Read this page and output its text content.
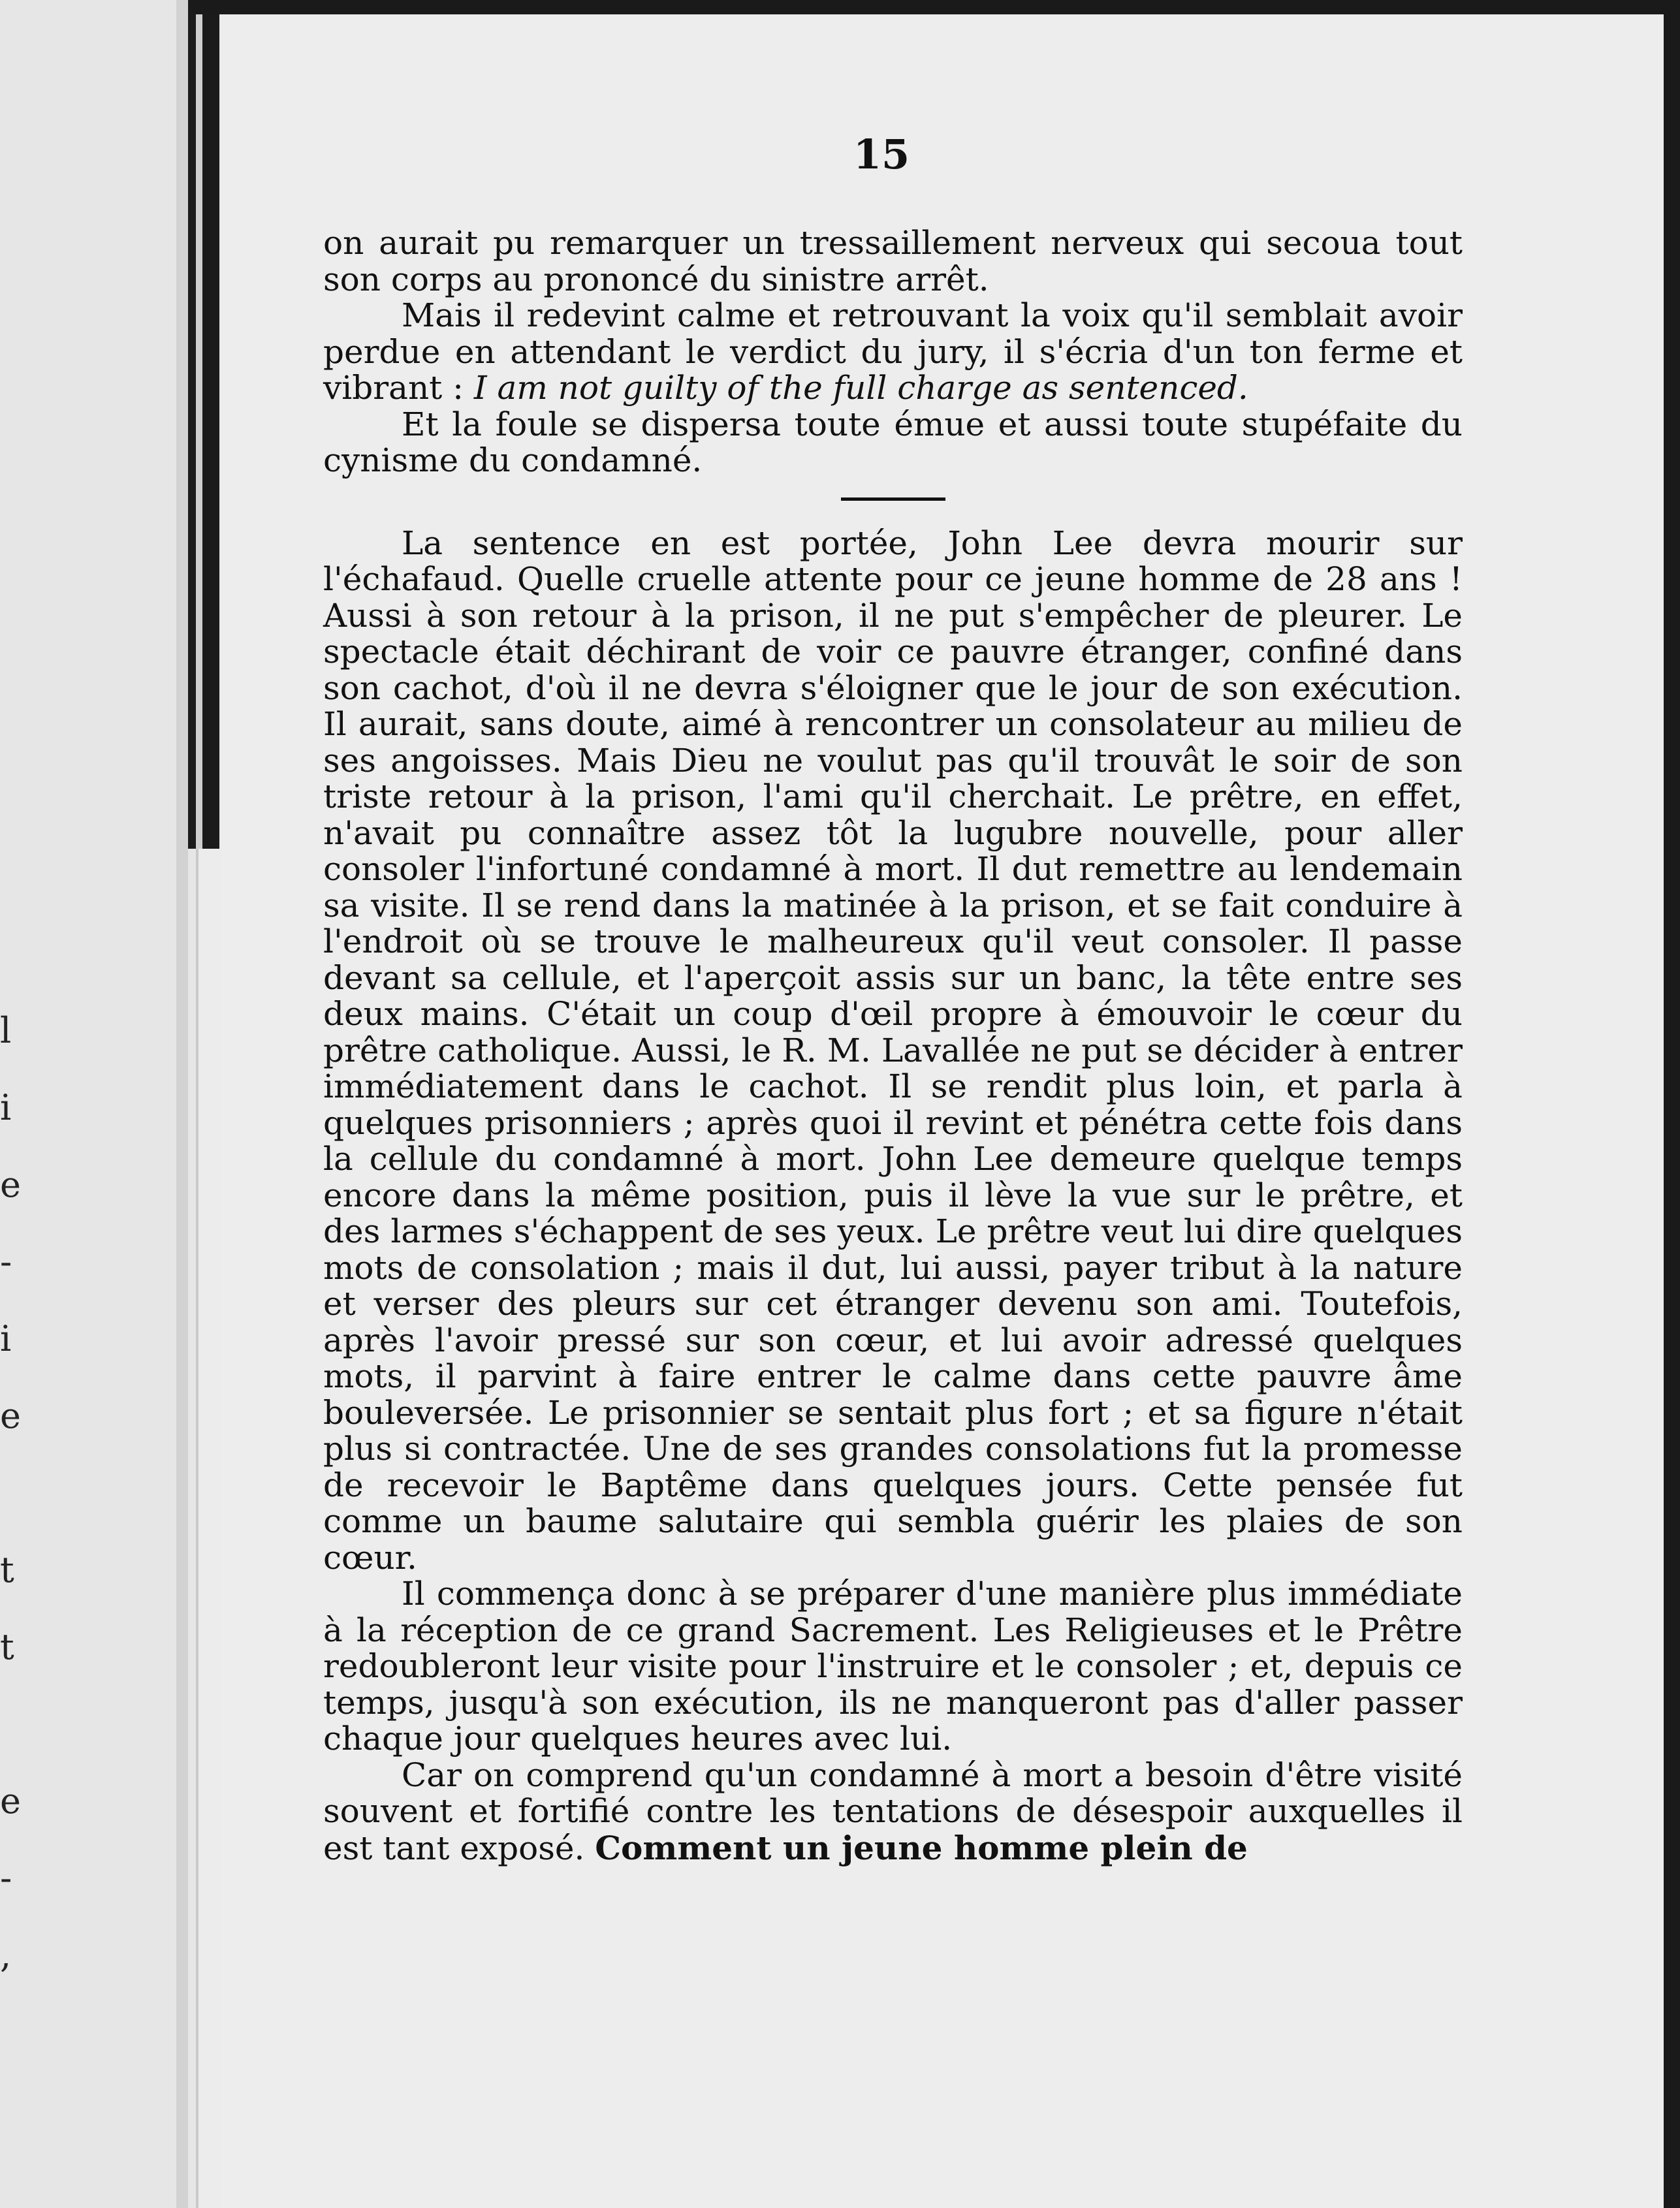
l
i
e
-
i
e
t
t
e
-
,
15

on aurait pu remarquer un tressaillement nerveux qui secoua tout son corps au prononcé du sinistre arrêt.

Mais il redevint calme et retrouvant la voix qu'il semblait avoir perdue en attendant le verdict du jury, il s'écria d'un ton ferme et vibrant : I am not guilty of the full charge as sentenced.

Et la foule se dispersa toute émue et aussi toute stupéfaite du cynisme du condamné.

La sentence en est portée, John Lee devra mourir sur l'échafaud. Quelle cruelle attente pour ce jeune homme de 28 ans ! Aussi à son retour à la prison, il ne put s'empêcher de pleurer. Le spectacle était déchirant de voir ce pauvre étranger, confiné dans son cachot, d'où il ne devra s'éloigner que le jour de son exécution. Il aurait, sans doute, aimé à rencontrer un consolateur au milieu de ses angoisses. Mais Dieu ne voulut pas qu'il trouvât le soir de son triste retour à la prison, l'ami qu'il cherchait. Le prêtre, en effet, n'avait pu connaître assez tôt la lugubre nouvelle, pour aller consoler l'infortuné condamné à mort. Il dut remettre au lendemain sa visite. Il se rend dans la matinée à la prison, et se fait conduire à l'endroit où se trouve le malheureux qu'il veut consoler. Il passe devant sa cellule, et l'aperçoit assis sur un banc, la tête entre ses deux mains. C'était un coup d'œil propre à émouvoir le cœur du prêtre catholique. Aussi, le R. M. Lavallée ne put se décider à entrer immédiatement dans le cachot. Il se rendit plus loin, et parla à quelques prisonniers ; après quoi il revint et pénétra cette fois dans la cellule du condamné à mort. John Lee demeure quelque temps encore dans la même position, puis il lève la vue sur le prêtre, et des larmes s'échappent de ses yeux. Le prêtre veut lui dire quelques mots de consolation ; mais il dut, lui aussi, payer tribut à la nature et verser des pleurs sur cet étranger devenu son ami. Toutefois, après l'avoir pressé sur son cœur, et lui avoir adressé quelques mots, il parvint à faire entrer le calme dans cette pauvre âme bouleversée. Le prisonnier se sentait plus fort ; et sa figure n'était plus si contractée. Une de ses grandes consolations fut la promesse de recevoir le Baptême dans quelques jours. Cette pensée fut comme un baume salutaire qui sembla guérir les plaies de son cœur.

Il commença donc à se préparer d'une manière plus immédiate à la réception de ce grand Sacrement. Les Religieuses et le Prêtre redoubleront leur visite pour l'instruire et le consoler ; et, depuis ce temps, jusqu'à son exécution, ils ne manqueront pas d'aller passer chaque jour quelques heures avec lui.

Car on comprend qu'un condamné à mort a besoin d'être visité souvent et fortifié contre les tentations de désespoir auxquelles il est tant exposé. Comment un jeune homme plein de
